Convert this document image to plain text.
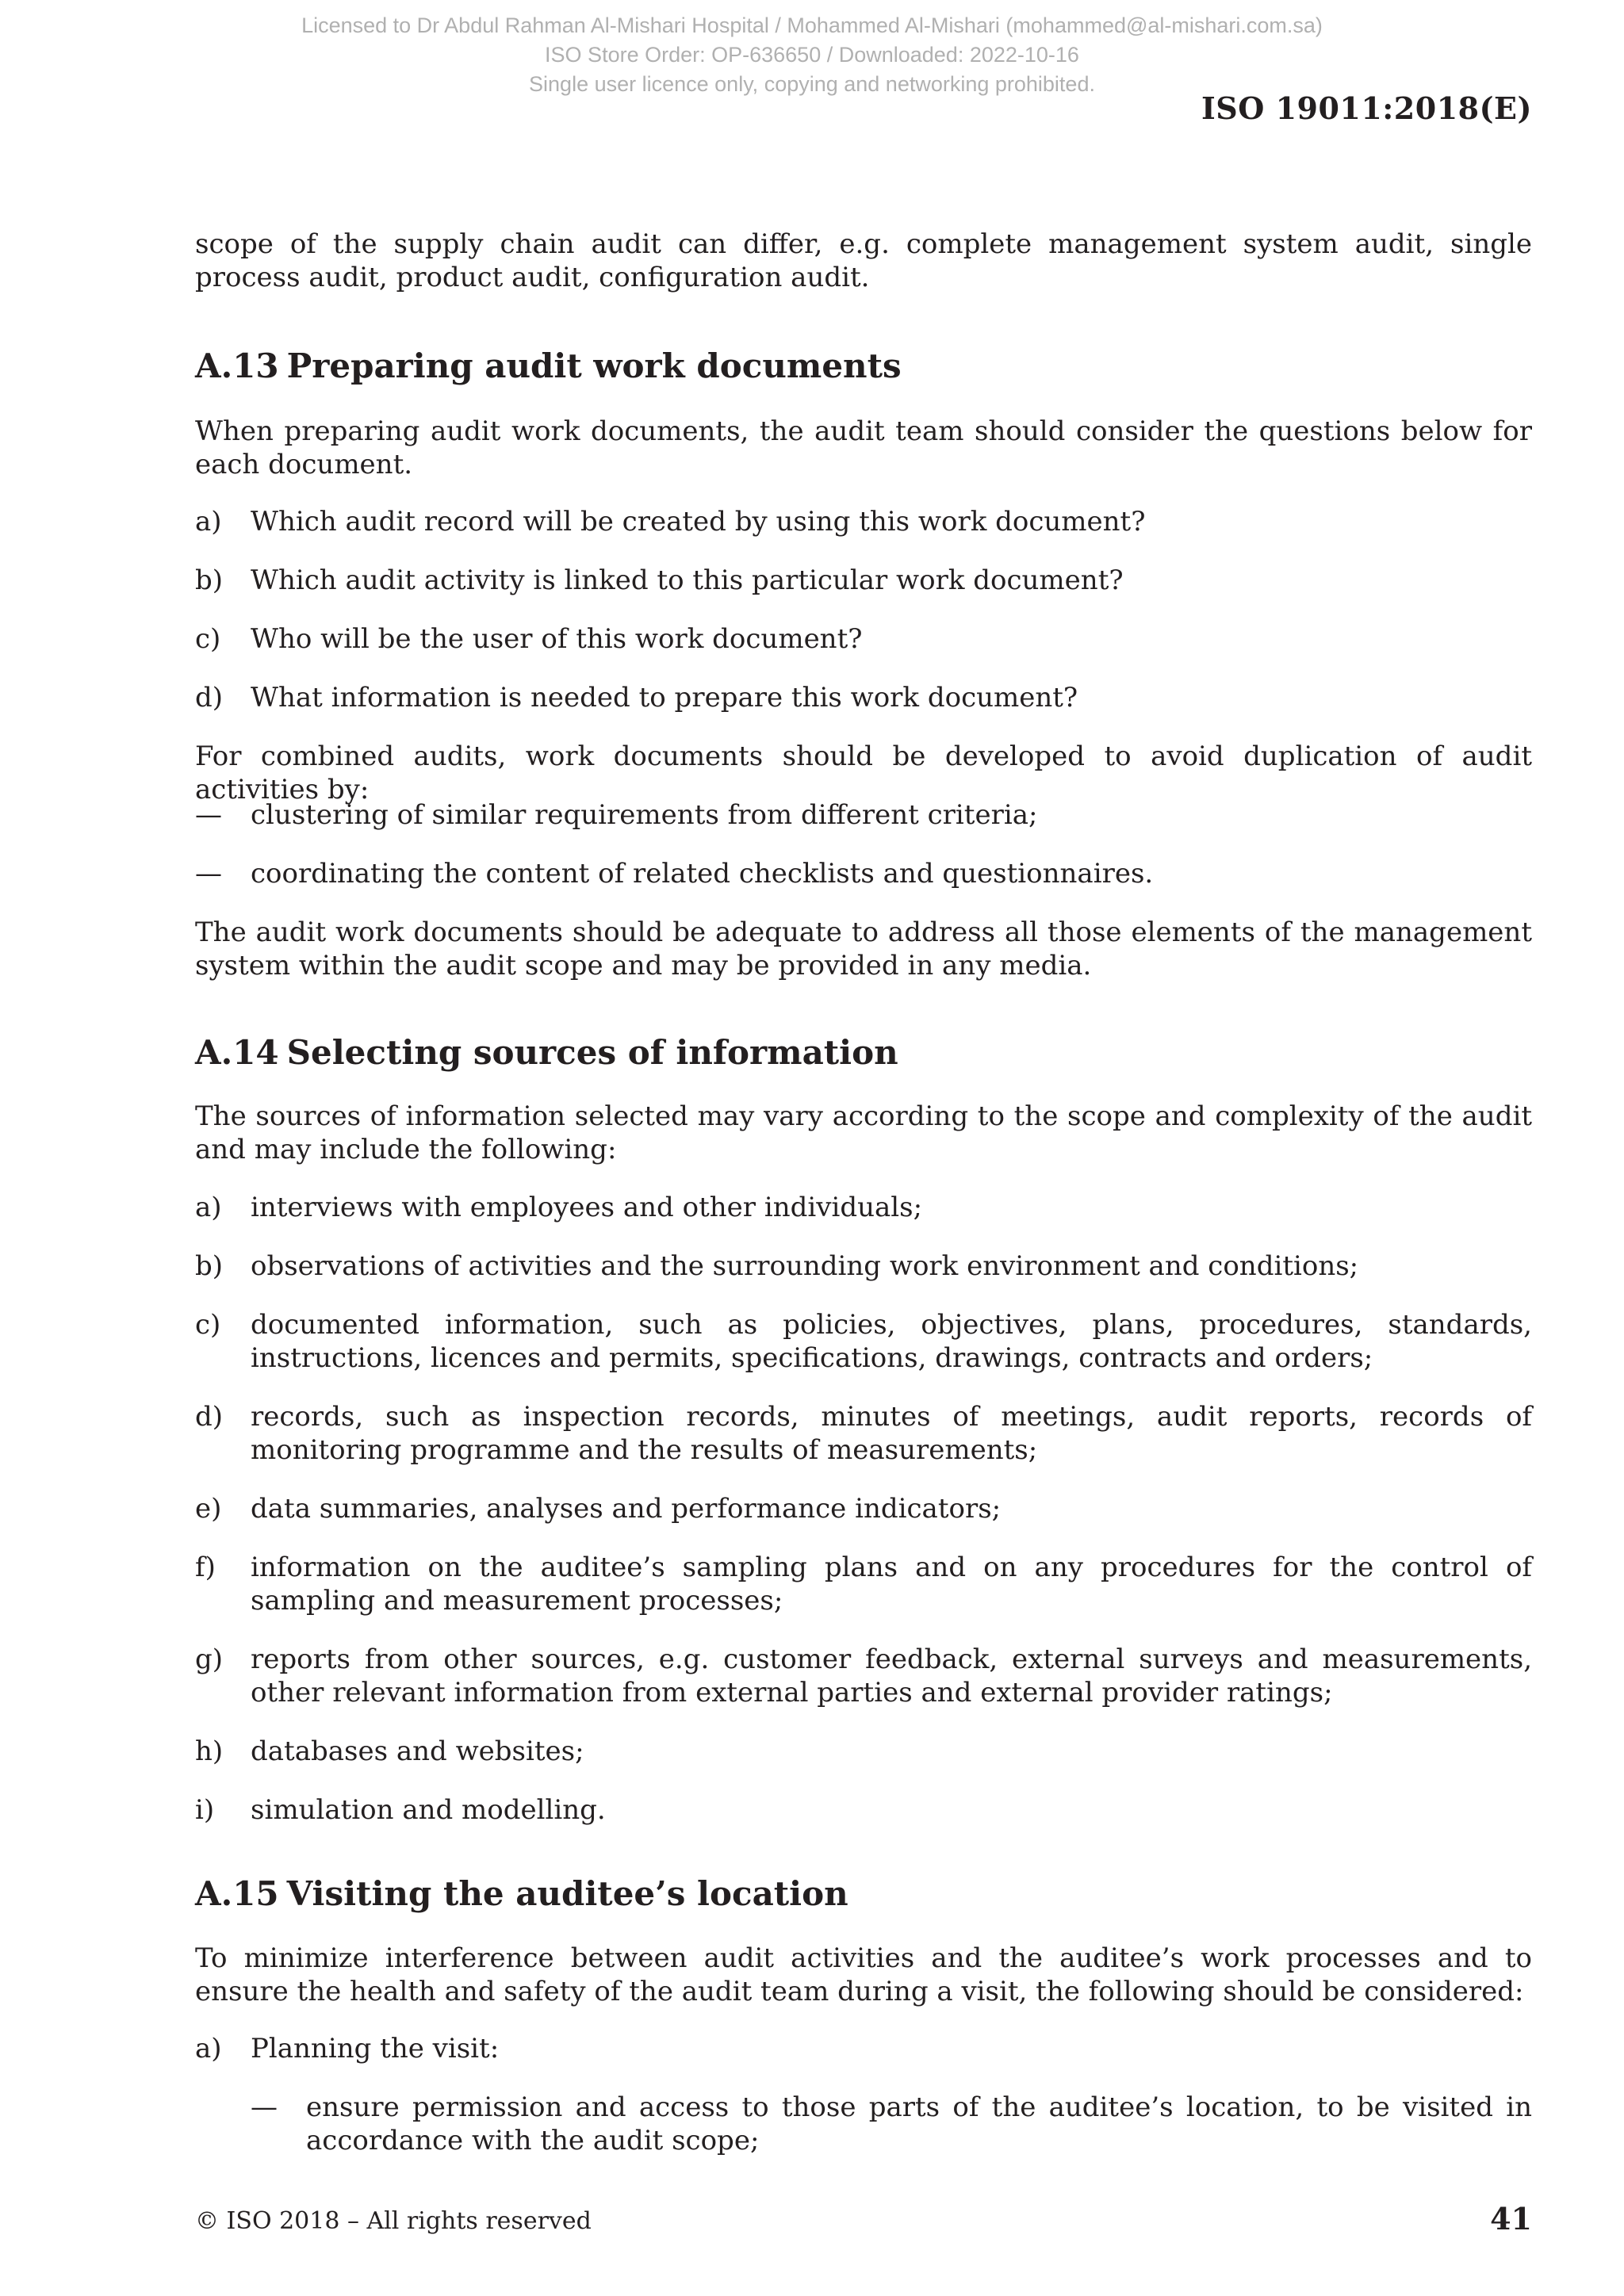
Licensed to Dr Abdul Rahman Al-Mishari Hospital / Mohammed Al-Mishari (mohammed@al-mishari.com.sa)
ISO Store Order: OP-636650 / Downloaded: 2022-10-16
Single user licence only, copying and networking prohibited.
ISO 19011:2018(E)

scope of the supply chain audit can differ, e.g. complete management system audit, single process audit, product audit, configuration audit.

A.13 Preparing audit work documents

When preparing audit work documents, the audit team should consider the questions below for each document.

a)	Which audit record will be created by using this work document?
b)	Which audit activity is linked to this particular work document?
c)	Who will be the user of this work document?
d)	What information is needed to prepare this work document?

For combined audits, work documents should be developed to avoid duplication of audit activities by:

—	clustering of similar requirements from different criteria;
—	coordinating the content of related checklists and questionnaires.

The audit work documents should be adequate to address all those elements of the management system within the audit scope and may be provided in any media.

A.14 Selecting sources of information

The sources of information selected may vary according to the scope and complexity of the audit and may include the following:

a)	interviews with employees and other individuals;
b)	observations of activities and the surrounding work environment and conditions;
c)	documented information, such as policies, objectives, plans, procedures, standards, instructions, licences and permits, specifications, drawings, contracts and orders;
d)	records, such as inspection records, minutes of meetings, audit reports, records of monitoring programme and the results of measurements;
e)	data summaries, analyses and performance indicators;
f)	information on the auditee’s sampling plans and on any procedures for the control of sampling and measurement processes;
g)	reports from other sources, e.g. customer feedback, external surveys and measurements, other relevant information from external parties and external provider ratings;
h)	databases and websites;
i)	simulation and modelling.
A.15 Visiting the auditee’s location

To minimize interference between audit activities and the auditee’s work processes and to ensure the health and safety of the audit team during a visit, the following should be considered:

a)	Planning the visit:
—	ensure permission and access to those parts of the auditee’s location, to be visited in accordance with the audit scope;
© ISO 2018 – All rights reserved	41
